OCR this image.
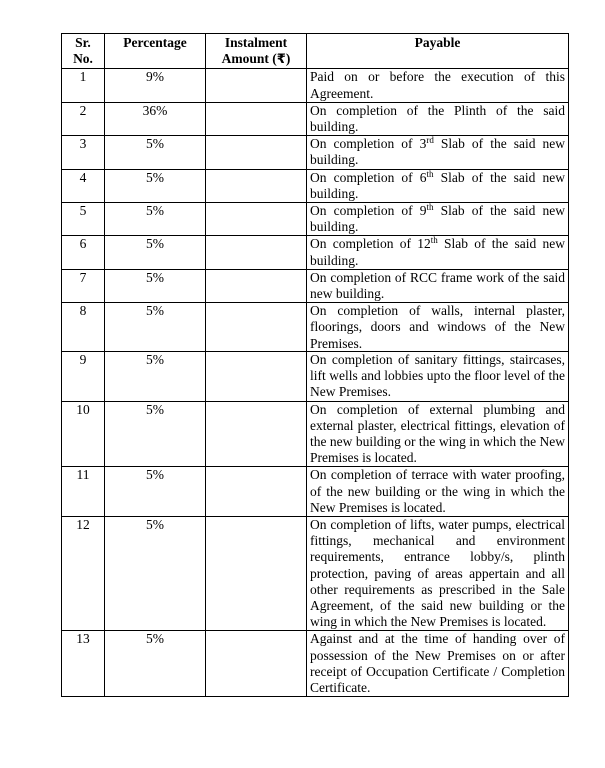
Sr. No.	Percentage	Instalment Amount (₹)	Payable
1	9%		Paid on or before the execution of this Agreement.
2	36%		On completion of the Plinth of the said building.
3	5%		On completion of 3rd Slab of the said new building.
4	5%		On completion of 6th Slab of the said new building.
5	5%		On completion of 9th Slab of the said new building.
6	5%		On completion of 12th Slab of the said new building.
7	5%		On completion of RCC frame work of the said new building.
8	5%		On completion of walls, internal plaster, floorings, doors and windows of the New Premises.
9	5%		On completion of sanitary fittings, staircases, lift wells and lobbies upto the floor level of the New Premises.
10	5%		On completion of external plumbing and external plaster, electrical fittings, elevation of the new building or the wing in which the New Premises is located.
11	5%		On completion of terrace with water proofing, of the new building or the wing in which the New Premises is located.
12	5%		On completion of lifts, water pumps, electrical fittings, mechanical and environment requirements, entrance lobby/s, plinth protection, paving of areas appertain and all other requirements as prescribed in the Sale Agreement, of the said new building or the wing in which the New Premises is located.
13	5%		Against and at the time of handing over of possession of the New Premises on or after receipt of Occupation Certificate / Completion Certificate.
